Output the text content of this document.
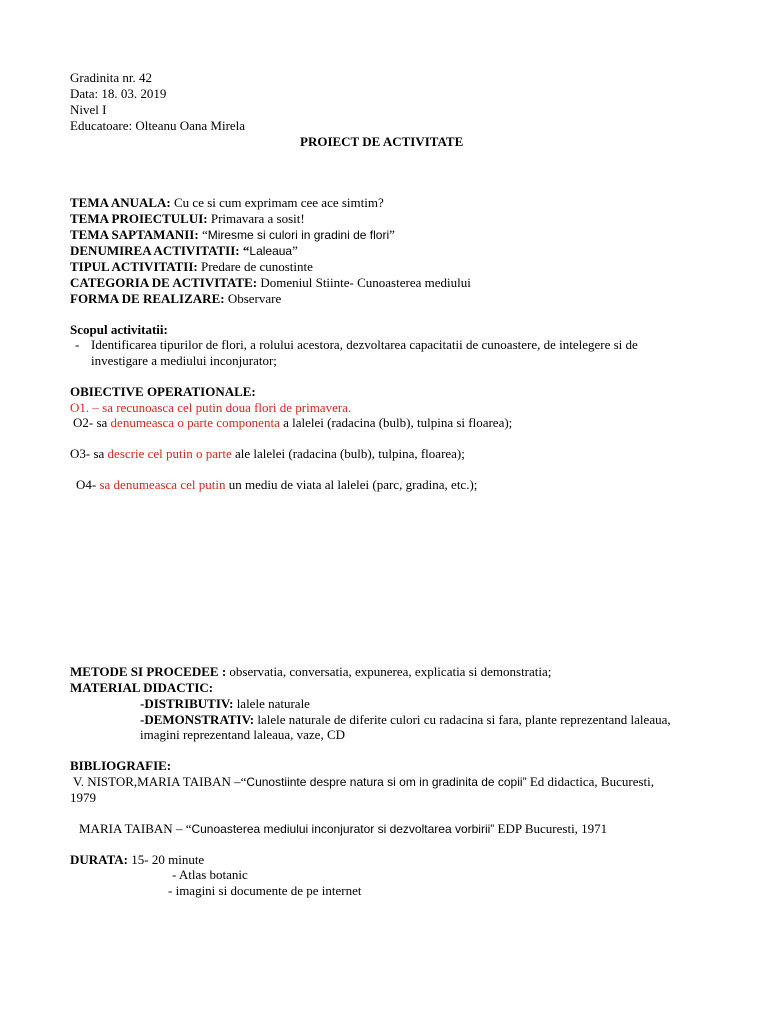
Gradinita nr. 42
Data: 18. 03. 2019
Nivel I
Educatoare: Olteanu Oana Mirela
PROIECT DE ACTIVITATE
TEMA ANUALA: Cu ce si cum exprimam cee ace simtim?
TEMA PROIECTULUI: Primavara a sosit!
TEMA SAPTAMANII: “Miresme si culori in gradini de flori”
DENUMIREA ACTIVITATII: “Laleaua”
TIPUL ACTIVITATII: Predare de cunostinte
CATEGORIA DE ACTIVITATE: Domeniul Stiinte- Cunoasterea mediului
FORMA DE REALIZARE: Observare
Scopul activitatii:
- Identificarea tipurilor de flori, a rolului acestora, dezvoltarea capacitatii de cunoastere, de intelegere si de
investigare a mediului inconjurator;
OBIECTIVE OPERATIONALE:
O1. – sa recunoasca cel putin doua flori de primavera.
O2- sa denumeasca o parte componenta a lalelei (radacina (bulb), tulpina si floarea);
O3- sa descrie cel putin o parte ale lalelei (radacina (bulb), tulpina, floarea);
O4- sa denumeasca cel putin un mediu de viata al lalelei (parc, gradina, etc.);
METODE SI PROCEDEE : observatia, conversatia, expunerea, explicatia si demonstratia;
MATERIAL DIDACTIC:
-DISTRIBUTIV: lalele naturale
-DEMONSTRATIV: lalele naturale de diferite culori cu radacina si fara, plante reprezentand laleaua,
imagini reprezentand laleaua, vaze, CD
BIBLIOGRAFIE:
V. NISTOR,MARIA TAIBAN –“Cunostiinte despre natura si om in gradinita de copii” Ed didactica, Bucuresti,
1979
MARIA TAIBAN – “Cunoasterea mediului inconjurator si dezvoltarea vorbirii” EDP Bucuresti, 1971
DURATA: 15- 20 minute
- Atlas botanic
- imagini si documente de pe internet
